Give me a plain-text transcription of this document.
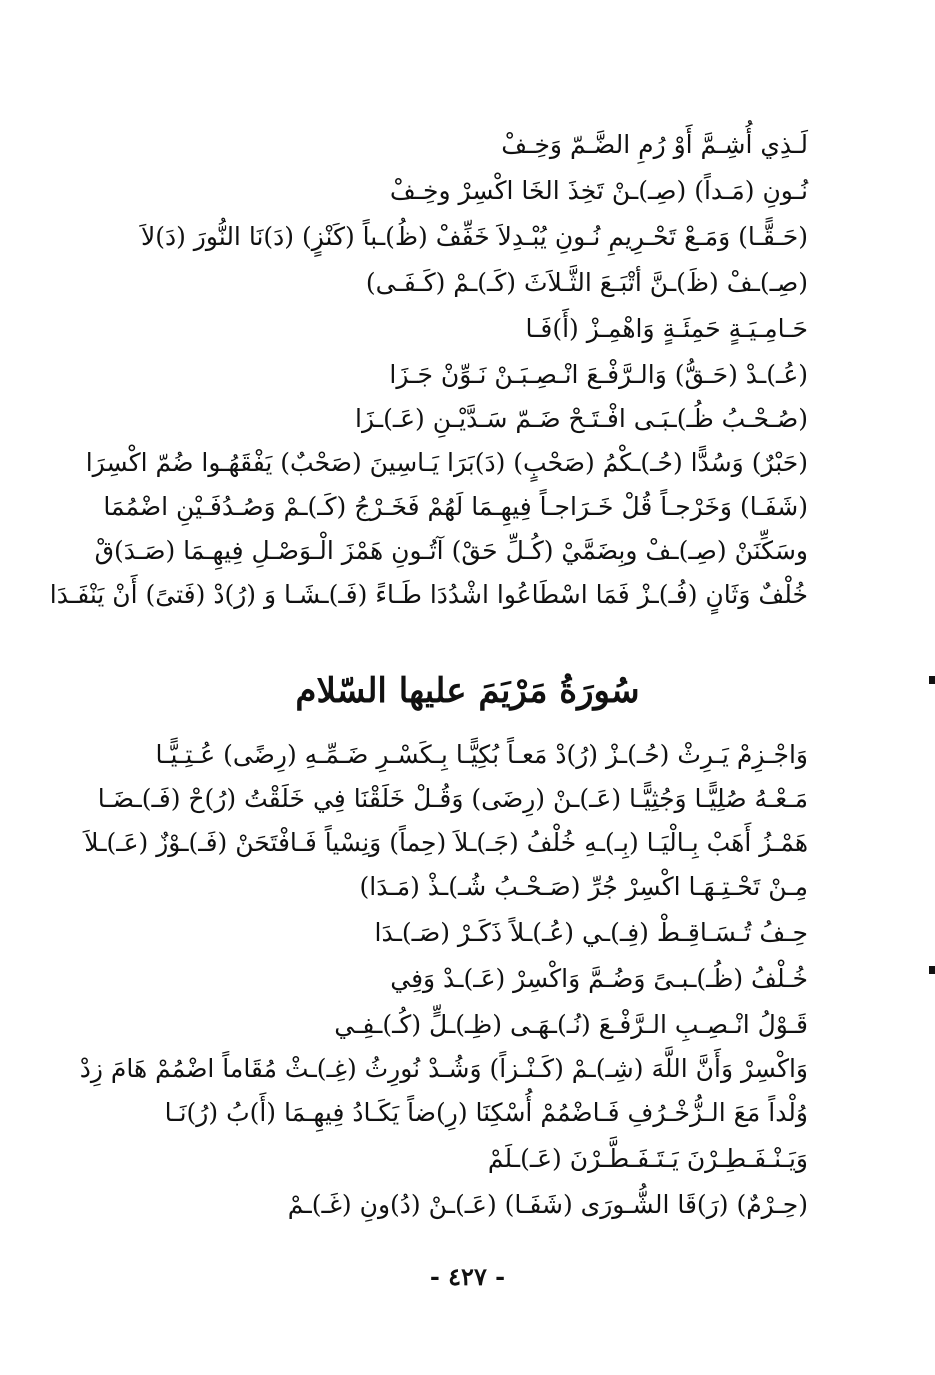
لَـذِي أُشِـمَّ أَوْ رُمِ الضَّـمّ وَخِـفْ
نُـونِ (مَـداً) (صِـ)ـنْ تَخِذَ الخَا اكْسِرْ وخِـفْ
(حَـقًّـا) وَمَـعْ تَحْـرِيمِ نُـونِ يُبْـدِلاَ خَفِّفْ (ظُ)ـباً (كَنْزٍ) (دَ)نَا النُّورَ (دَ)لاَ
(صِـ)ـفْ (ظَ)ـنَّ أتْبَـعَ الثَّـلاَثَ (كَـ)ـمْ (كَـفَـى)
حَـامِـيَـةٍ حَمِئَـةٍ وَاهْمِـزْ (أَ)فَـا
(عُـ)ـدْ (حَـقُّ) وَالـرَّفْـعَ انْـصِـبَـنْ نَـوِّنْ جَـزَا
(صُـحْـبُ ظُـ)ـبَـى افْـتَـحْ ضَـمّ سَـدَّيْـنِ (عَـ)ـزَا
(حَبْرٌ) وَسُدًّا (حُـ)ـكْمُ (صَحْبٍ) (دَ)بَرَا يَـاسِينَ (صَحْبٌ) يَفْقَهُـوا ضُمّ اكْسِرَا
(شَفَـا) وَخَرْجـاً قُلْ خَـرَاجـاً فِيهِـمَا لَهُمْ فَخَـرْجُ (كَـ)ـمْ وَصُـدُفَـيْنِ اضْمُمَا
وسَكِّنَنْ (صِـ)ـفْ وبِضَمَّيْ (كُـلِّ حَقْ) آتُـونِ هَمْزَ الْـوَصْـلِ فِيهِـمَا (صَـدَ)قْ
خُلْفٌ وَثَانٍ (فُـ)ـزْ فَمَا اسْطَاعُوا اشْدُدَا طَـاءً (فَـ)ـشَـا وَ (رُ)دْ (فَتىً) أَنْ يَنْفَـدَا
سُورَةُ مَرْيَمَ عليها السّلام
وَاجْـزِمْ يَـرِثْ (حُـ)ـزْ (رُ)دْ مَعـاً بُكِيًّـا بِـكَسْـرِ ضَـمِّـهِ (رِضًى) عُـتِـيًّـا
مَـعْـهُ صُلِيًّـا وَجُثِيًّـا (عَـ)ـنْ (رِضَى) وَقُـلْ خَلَقْنَا فِي خَلَقْتُ (رُ)حْ (فَـ)ـضَـا
هَمْـزُ أَهَبْ بِـالْيَـا (بِـ)ـهِ خُلْفُ (جَـ)ـلاَ (حِماً) وَنِسْياً فَـافْتَحَنْ (فَـ)ـوْزٌ (عَـ)ـلاَ
مِـنْ تَحْـتِـهَـا اكْسِرْ جُرِّ (صَـحْـبُ شُـ)ـذْ (مَـدَا)
حِـفُ تُـسَـاقِـطْ (فِـ)ـي (عُـ)ـلاً ذَكَـرْ (صَـ)ـدَا
خُـلْفُ (ظُـ)ـبـىً وَضُـمَّ وَاكْسِرْ (عَـ)ـدْ وَفِي
قَـوْلُ انْـصِـبِ الـرَّفْـعَ (نُـ)ـهَـى (ظِـ)ـلٍّ (كُـ)ـفِـي
وَاكْسِرْ وَأَنَّ اللَّهَ (شِـ)ـمْ (كَـنْـزاً) وَشُـدْ نُورِثُ (غِـ)ـثْ مُقَاماً اضْمُمْ هَامَ زِدْ
وُلْداً مَعَ الـزُّخْـرُفِ فَـاضْمُمْ أُسْكِنَا (رِ)ضاً يَكَـادُ فِيهِـمَا (أَ)بُ (رُ)نَـا
وَيَـنْـفَـطِـرْنَ يَـتَـفَـطَّـرْنَ (عَـ)ـلَمْ
(حِـرْمٌ) (رَ)قَا الشُّـورَى (شَفَـا) (عَـ)ـنْ (دُ)ونِ (غَـ)ـمْ
- ٤٢٧ -
